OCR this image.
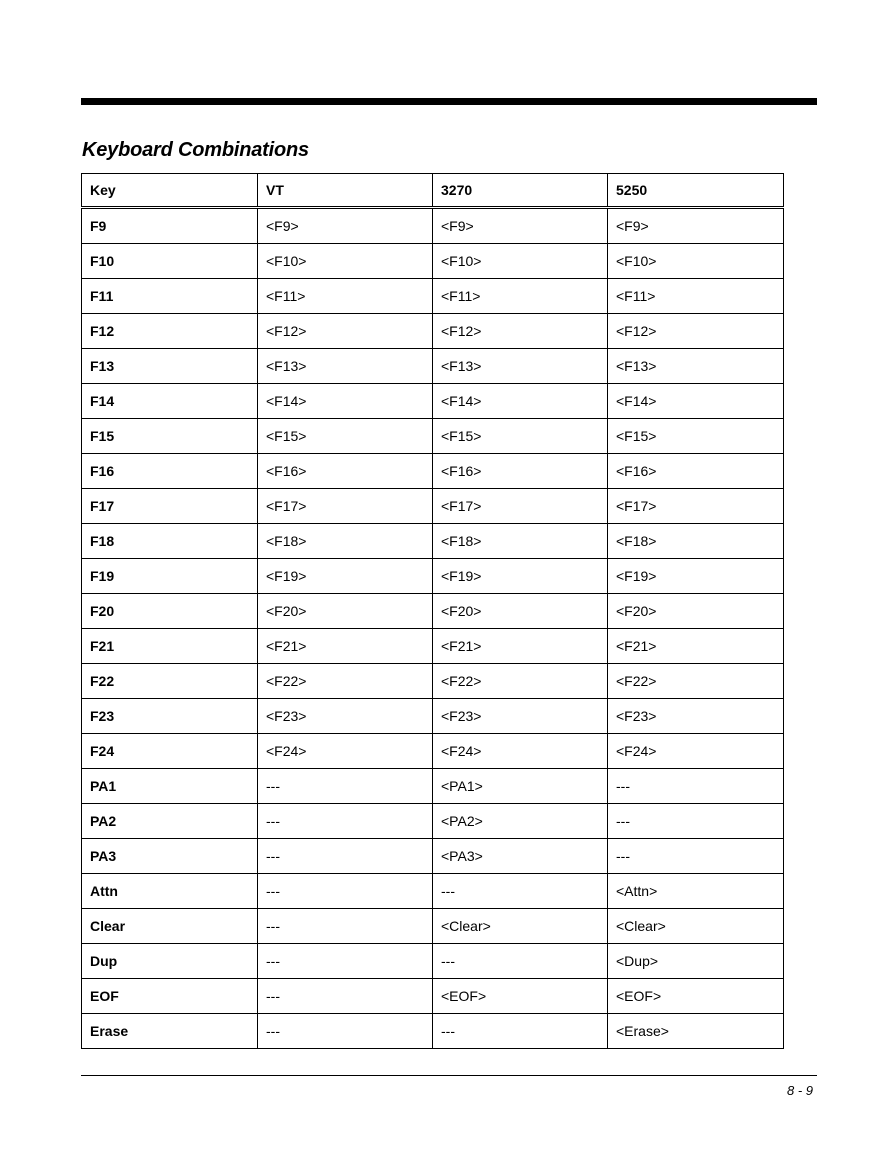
Keyboard Combinations
Key	VT	3270	5250
F9	<F9>	<F9>	<F9>
F10	<F10>	<F10>	<F10>
F11	<F11>	<F11>	<F11>
F12	<F12>	<F12>	<F12>
F13	<F13>	<F13>	<F13>
F14	<F14>	<F14>	<F14>
F15	<F15>	<F15>	<F15>
F16	<F16>	<F16>	<F16>
F17	<F17>	<F17>	<F17>
F18	<F18>	<F18>	<F18>
F19	<F19>	<F19>	<F19>
F20	<F20>	<F20>	<F20>
F21	<F21>	<F21>	<F21>
F22	<F22>	<F22>	<F22>
F23	<F23>	<F23>	<F23>
F24	<F24>	<F24>	<F24>
PA1	---	<PA1>	---
PA2	---	<PA2>	---
PA3	---	<PA3>	---
Attn	---	---	<Attn>
Clear	---	<Clear>	<Clear>
Dup	---	---	<Dup>
EOF	---	<EOF>	<EOF>
Erase	---	---	<Erase>
8 - 9
